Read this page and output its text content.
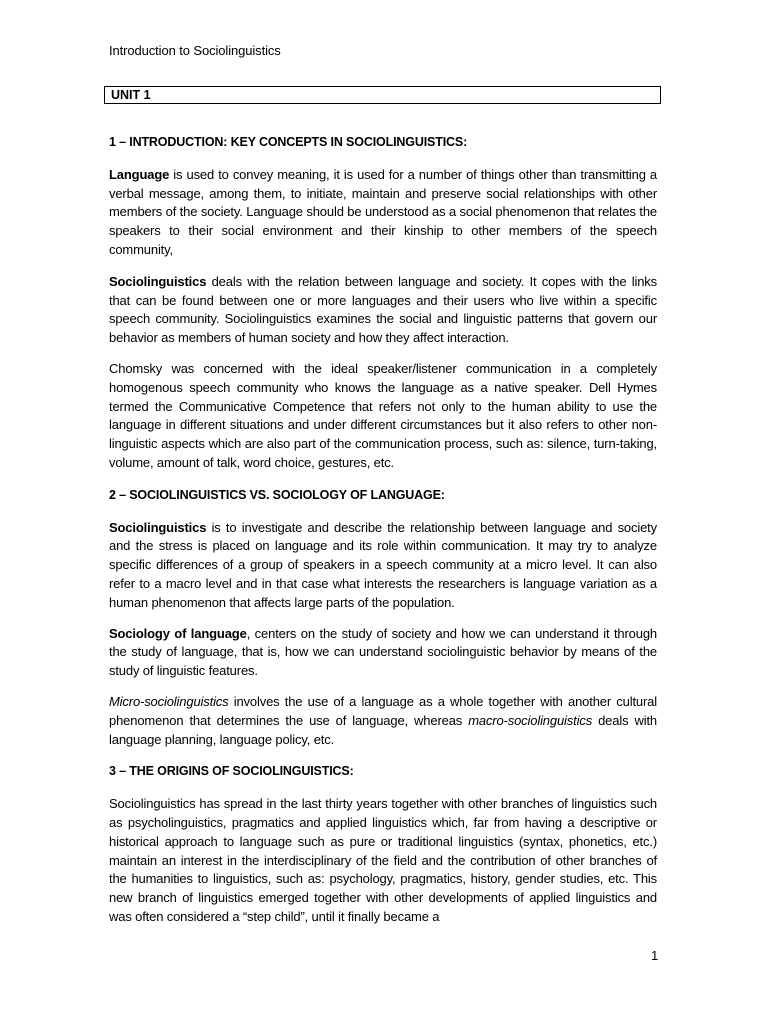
Introduction to Sociolinguistics
UNIT 1
1 – INTRODUCTION: KEY CONCEPTS IN SOCIOLINGUISTICS:

Language is used to convey meaning, it is used for a number of things other than transmitting a verbal message, among them, to initiate, maintain and preserve social relationships with other members of the society. Language should be understood as a social phenomenon that relates the speakers to their social environment and their kinship to other members of the speech community,

Sociolinguistics deals with the relation between language and society. It copes with the links that can be found between one or more languages and their users who live within a specific speech community. Sociolinguistics examines the social and linguistic patterns that govern our behavior as members of human society and how they affect interaction.

Chomsky was concerned with the ideal speaker/listener communication in a completely homogenous speech community who knows the language as a native speaker. Dell Hymes termed the Communicative Competence that refers not only to the human ability to use the language in different situations and under different circumstances but it also refers to other non-linguistic aspects which are also part of the communication process, such as: silence, turn-taking, volume, amount of talk, word choice, gestures, etc.

2 – SOCIOLINGUISTICS VS. SOCIOLOGY OF LANGUAGE:

Sociolinguistics is to investigate and describe the relationship between language and society and the stress is placed on language and its role within communication. It may try to analyze specific differences of a group of speakers in a speech community at a micro level. It can also refer to a macro level and in that case what interests the researchers is language variation as a human phenomenon that affects large parts of the population.

Sociology of language, centers on the study of society and how we can understand it through the study of language, that is, how we can understand sociolinguistic behavior by means of the study of linguistic features.

Micro-sociolinguistics involves the use of a language as a whole together with another cultural phenomenon that determines the use of language, whereas macro-sociolinguistics deals with language planning, language policy, etc.

3 – THE ORIGINS OF SOCIOLINGUISTICS:

Sociolinguistics has spread in the last thirty years together with other branches of linguistics such as psycholinguistics, pragmatics and applied linguistics which, far from having a descriptive or historical approach to language such as pure or traditional linguistics (syntax, phonetics, etc.) maintain an interest in the interdisciplinary of the field and the contribution of other branches of the humanities to linguistics, such as: psychology, pragmatics, history, gender studies, etc. This new branch of linguistics emerged together with other developments of applied linguistics and was often considered a “step child”, until it finally became a

1
